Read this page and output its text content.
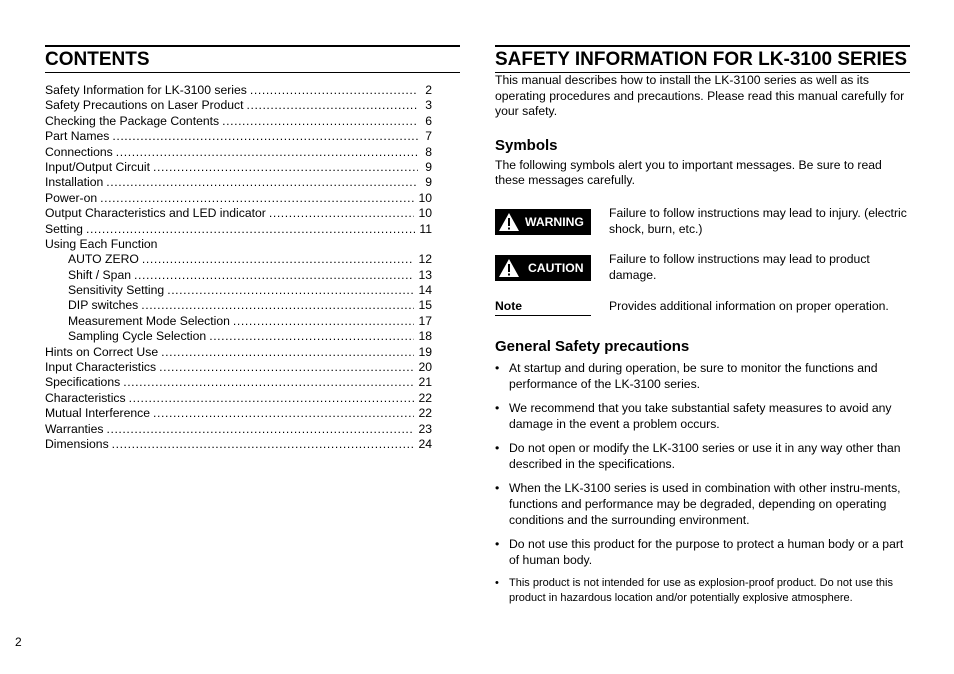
CONTENTS
Safety Information for LK-3100 series .....	2
Safety Precautions on Laser Product .....	3
Checking the Package Contents .....	6
Part Names .....	7
Connections .....	8
Input/Output Circuit .....	9
Installation .....	9
Power-on .....	10
Output Characteristics and LED indicator .....	10
Setting .....	11
Using Each Function
AUTO ZERO .....	12
Shift / Span .....	13
Sensitivity Setting .....	14
DIP switches .....	15
Measurement Mode Selection .....	17
Sampling Cycle Selection .....	18
Hints on Correct Use .....	19
Input Characteristics .....	20
Specifications .....	21
Characteristics .....	22
Mutual Interference .....	22
Warranties .....	23
Dimensions .....	24
SAFETY INFORMATION FOR LK-3100 SERIES

This manual describes how to install the LK-3100 series as well as its operating procedures and precautions. Please read this manual carefully for your safety.

Symbols

The following symbols alert you to important messages. Be sure to read these messages carefully.

WARNING
Failure to follow instructions may lead to injury. (electric shock, burn, etc.)
CAUTION
Failure to follow instructions may lead to product damage.
Note	Provides additional information on proper operation.
General Safety precautions
• At startup and during operation, be sure to monitor the functions and performance of the LK-3100 series.
• We recommend that you take substantial safety measures to avoid any damage in the event a problem occurs.
• Do not open or modify the LK-3100 series or use it in any way other than described in the specifications.
• When the LK-3100 series is used in combination with other instru-ments, functions and performance may be degraded, depending on operating conditions and the surrounding environment.
• Do not use this product for the purpose to protect a human body or a part of human body.
• This product is not intended for use as explosion-proof product. Do not use this product in hazardous location and/or potentially explosive atmosphere.
2
